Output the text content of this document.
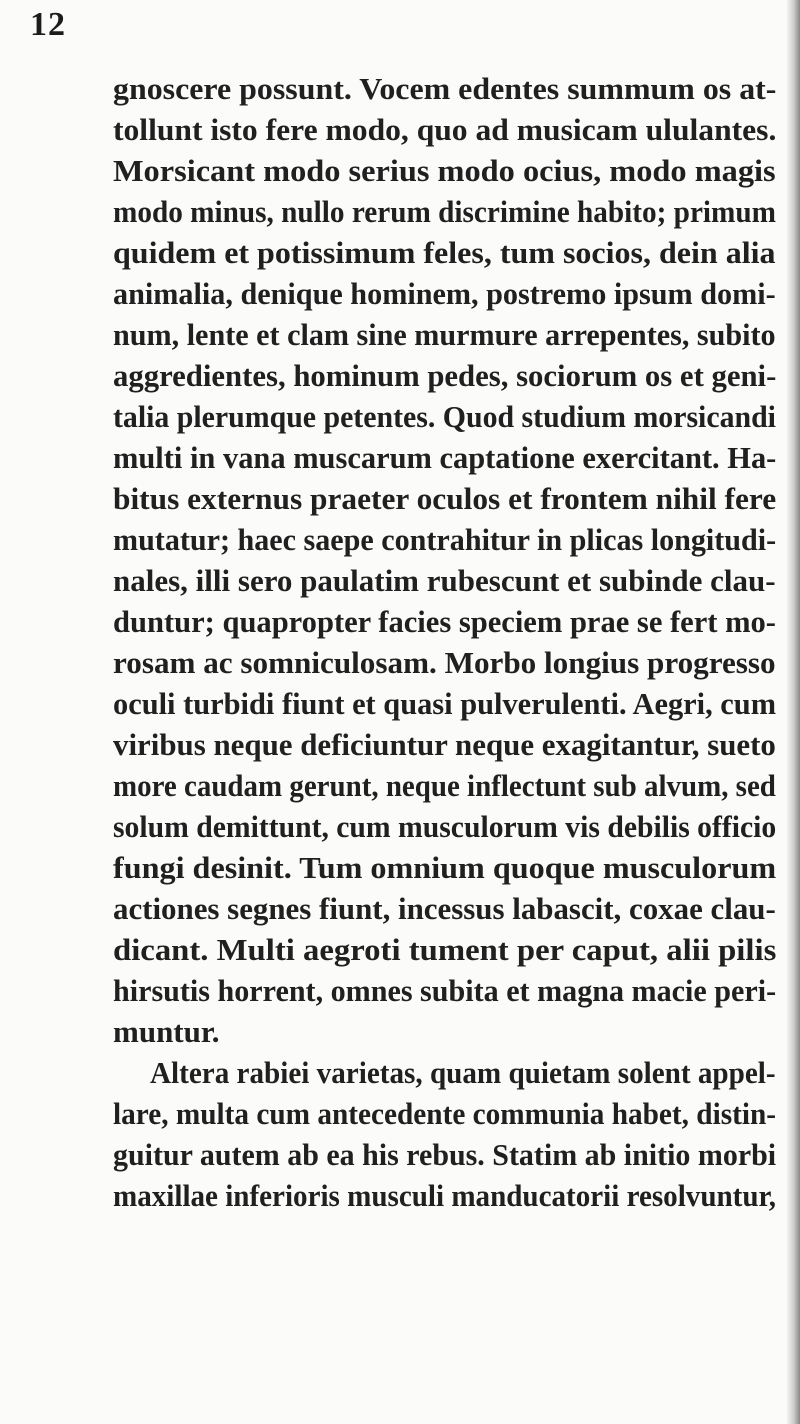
12
gnoscere possunt. Vocem edentes summum os at-
tollunt isto fere modo, quo ad musicam ululantes.
Morsicant modo serius modo ocius, modo magis
modo minus, nullo rerum discrimine habito; primum
quidem et potissimum feles, tum socios, dein alia
animalia, denique hominem, postremo ipsum domi-
num, lente et clam sine murmure arrepentes, subito
aggredientes, hominum pedes, sociorum os et geni-
talia plerumque petentes. Quod studium morsicandi
multi in vana muscarum captatione exercitant. Ha-
bitus externus praeter oculos et frontem nihil fere
mutatur; haec saepe contrahitur in plicas longitudi-
nales, illi sero paulatim rubescunt et subinde clau-
duntur; quapropter facies speciem prae se fert mo-
rosam ac somniculosam. Morbo longius progresso
oculi turbidi fiunt et quasi pulverulenti. Aegri, cum
viribus neque deficiuntur neque exagitantur, sueto
more caudam gerunt, neque inflectunt sub alvum, sed
solum demittunt, cum musculorum vis debilis officio
fungi desinit. Tum omnium quoque musculorum
actiones segnes fiunt, incessus labascit, coxae clau-
dicant. Multi aegroti tument per caput, alii pilis
hirsutis horrent, omnes subita et magna macie peri-
muntur.
Altera rabiei varietas, quam quietam solent appel-
lare, multa cum antecedente communia habet, distin-
guitur autem ab ea his rebus. Statim ab initio morbi
maxillae inferioris musculi manducatorii resolvuntur,
